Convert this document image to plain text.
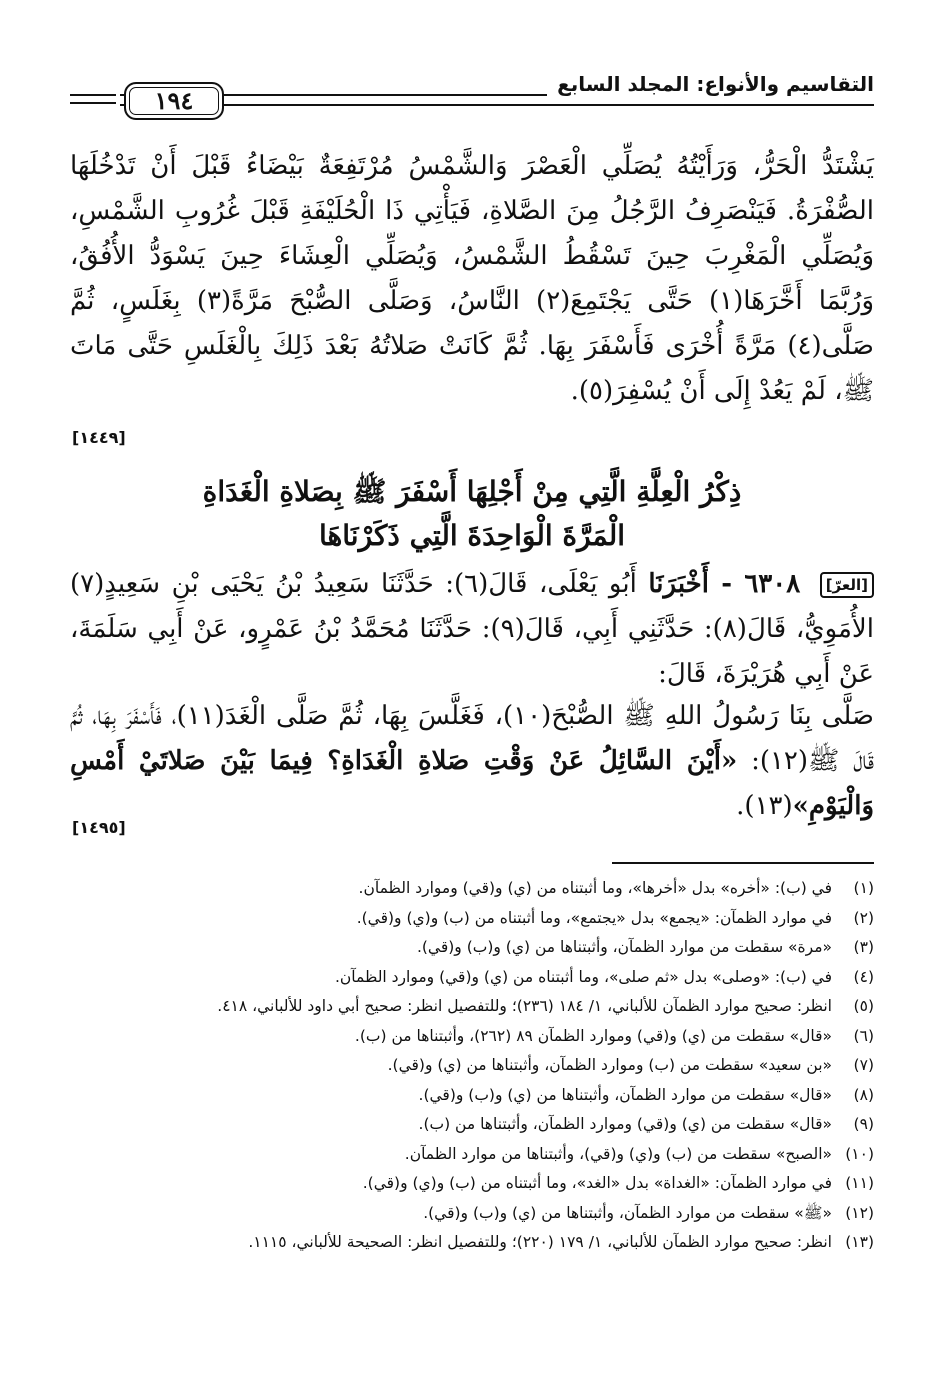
التقاسيم والأنواع: المجلد السابع
١٩٤
يَشْتَدُّ الْحَرُّ، وَرَأَيْتُهُ يُصَلِّي الْعَصْرَ وَالشَّمْسُ مُرْتَفِعَةٌ بَيْضَاءُ قَبْلَ أَنْ تَدْخُلَهَا الصُّفْرَةُ. فَيَنْصَرِفُ الرَّجُلُ مِنَ الصَّلاةِ، فَيَأْتِي ذَا الْحُلَيْفَةِ قَبْلَ غُرُوبِ الشَّمْسِ، وَيُصَلِّي الْمَغْرِبَ حِينَ تَسْقُطُ الشَّمْسُ، وَيُصَلِّي الْعِشَاءَ حِينَ يَسْوَدُّ الأُفُقُ، وَرُبَّمَا أَخَّرَهَا(١) حَتَّى يَجْتَمِعَ(٢) النَّاسُ، وَصَلَّى الصُّبْحَ مَرَّةً(٣) بِغَلَسٍ، ثُمَّ صَلَّى(٤) مَرَّةً أُخْرَى فَأَسْفَرَ بِهَا. ثُمَّ كَانَتْ صَلاتُهُ بَعْدَ ذَلِكَ بِالْغَلَسِ حَتَّى مَاتَ ﷺ، لَمْ يَعُدْ إِلَى أَنْ يُسْفِرَ(٥).
[١٤٤٩]
ذِكْرُ الْعِلَّةِ الَّتِي مِنْ أَجْلِهَا أَسْفَرَ ﷺ بِصَلاةِ الْغَدَاةِ
الْمَرَّةَ الْوَاحِدَةَ الَّتِي ذَكَرْنَاهَا
[العرّ] ٦٣٠٨ - أَخْبَرَنَا أَبُو يَعْلَى، قَالَ(٦): حَدَّثَنَا سَعِيدُ بْنُ يَحْيَى بْنِ سَعِيدٍ(٧) الأُمَوِيُّ، قَالَ(٨): حَدَّثَنِي أَبِي، قَالَ(٩): حَدَّثَنَا مُحَمَّدُ بْنُ عَمْرٍو، عَنْ أَبِي سَلَمَةَ، عَنْ أَبِي هُرَيْرَةَ، قَالَ:
صَلَّى بِنَا رَسُولُ اللهِ ﷺ الصُّبْحَ(١٠)، فَغَلَّسَ بِهَا، ثُمَّ صَلَّى الْغَدَ(١١)، فَأَسْفَرَ بِهَا، ثُمَّ قَالَ ﷺ(١٢): «أَيْنَ السَّائِلُ عَنْ وَقْتِ صَلاةِ الْغَدَاةِ؟ فِيمَا بَيْنَ صَلاتَيْ أَمْسِ وَالْيَوْمِ»(١٣).
[١٤٩٥]
(١)
في (ب): «أخره» بدل «أخرها»، وما أثبتناه من (ي) و(قي) وموارد الظمآن.
(٢)
في موارد الظمآن: «يجمع» بدل «يجتمع»، وما أثبتناه من (ب) و(ي) و(قي).
(٣)
«مرة» سقطت من موارد الظمآن، وأثبتناها من (ي) و(ب) و(قي).
(٤)
في (ب): «وصلى» بدل «ثم صلى»، وما أثبتناه من (ي) و(قي) وموارد الظمآن.
(٥)
انظر: صحيح موارد الظمآن للألباني، ١/ ١٨٤ (٢٣٦)؛ وللتفصيل انظر: صحيح أبي داود للألباني، ٤١٨.
(٦)
«قال» سقطت من (ي) و(قي) وموارد الظمآن ٨٩ (٢٦٢)، وأثبتناها من (ب).
(٧)
«بن سعيد» سقطت من (ب) وموارد الظمآن، وأثبتناها من (ي) و(قي).
(٨)
«قال» سقطت من موارد الظمآن، وأثبتناها من (ي) و(ب) و(قي).
(٩)
«قال» سقطت من (ي) و(قي) وموارد الظمآن، وأثبتناها من (ب).
(١٠)
«الصبح» سقطت من (ب) و(ي) و(قي)، وأثبتناها من موارد الظمآن.
(١١)
في موارد الظمآن: «الغداة» بدل «الغد»، وما أثبتناه من (ب) و(ي) و(قي).
(١٢)
«ﷺ» سقطت من موارد الظمآن، وأثبتناها من (ي) و(ب) و(قي).
(١٣)
انظر: صحيح موارد الظمآن للألباني، ١/ ١٧٩ (٢٢٠)؛ وللتفصيل انظر: الصحيحة للألباني، ١١١٥.
